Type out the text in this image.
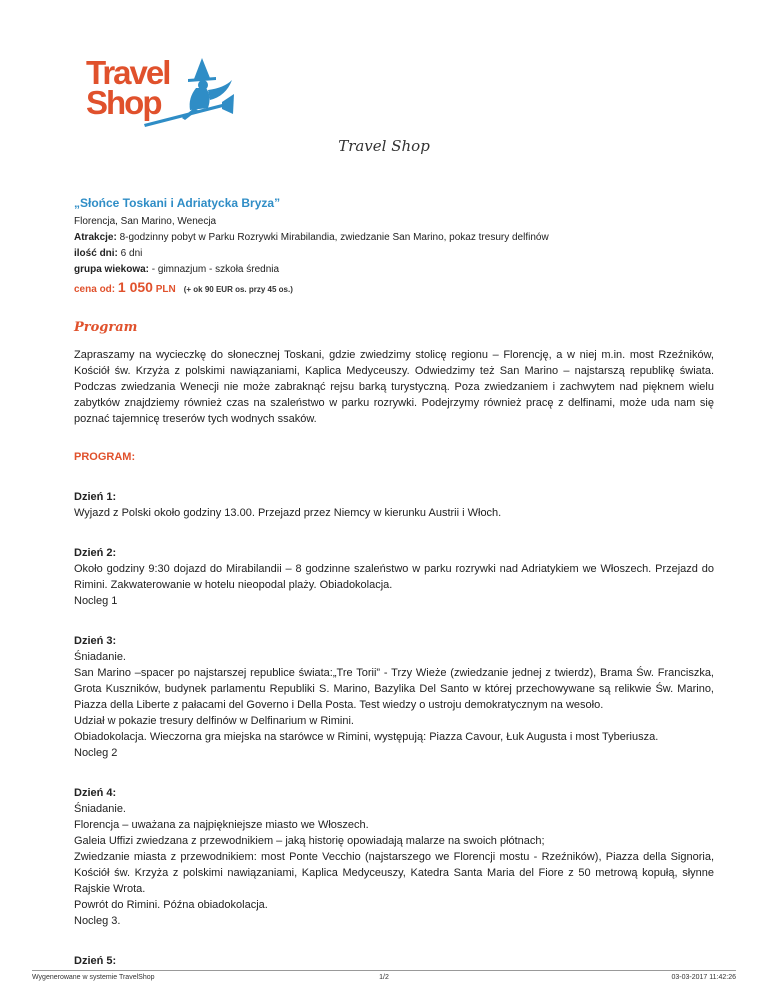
Travel
Shop
Travel Shop

„Słońce Toskani i Adriatycka Bryza”

Florencja, San Marino, Wenecja

Atrakcje: 8-godzinny pobyt w Parku Rozrywki Mirabilandia, zwiedzanie San Marino, pokaz tresury delfinów

ilość dni: 6 dni

grupa wiekowa: - gimnazjum - szkoła średnia

cena od: 1 050 PLN (+ ok 90 EUR os. przy 45 os.)

Program

Zapraszamy na wycieczkę do słonecznej Toskani, gdzie zwiedzimy stolicę regionu – Florencję, a w niej m.in. most Rzeźników, Kościół św. Krzyża z polskimi nawiązaniami, Kaplica Medyceuszy. Odwiedzimy też San Marino – najstarszą republikę świata. Podczas zwiedzania Wenecji nie może zabraknąć rejsu barką turystyczną. Poza zwiedzaniem i zachwytem nad pięknem wielu zabytków znajdziemy również czas na szaleństwo w parku rozrywki. Podejrzymy również pracę z delfinami, może uda nam się poznać tajemnicę treserów tych wodnych ssaków.

PROGRAM:

Dzień 1:

Wyjazd z Polski około godziny 13.00. Przejazd przez Niemcy w kierunku Austrii i Włoch.

Dzień 2:

Około godziny 9:30 dojazd do Mirabilandii – 8 godzinne szaleństwo w parku rozrywki nad Adriatykiem we Włoszech. Przejazd do Rimini. Zakwaterowanie w hotelu nieopodal plaży. Obiadokolacja.

Nocleg 1

Dzień 3:

Śniadanie.

San Marino –spacer po najstarszej republice świata:„Tre Torii” - Trzy Wieże (zwiedzanie jednej z twierdz), Brama Św. Franciszka, Grota Kuszników, budynek parlamentu Republiki S. Marino, Bazylika Del Santo w której przechowywane są relikwie Św. Marino, Piazza della Liberte z pałacami del Governo i Della Posta. Test wiedzy o ustroju demokratycznym na wesoło.

Udział w pokazie tresury delfinów w Delfinarium w Rimini.

Obiadokolacja. Wieczorna gra miejska na starówce w Rimini, występują: Piazza Cavour, Łuk Augusta i most Tyberiusza.

Nocleg 2

Dzień 4:

Śniadanie.

Florencja – uważana za najpiękniejsze miasto we Włoszech.

Galeia Uffizi zwiedzana z przewodnikiem – jaką historię opowiadają malarze na swoich płótnach;

Zwiedzanie miasta z przewodnikiem: most Ponte Vecchio (najstarszego we Florencji mostu - Rzeźników), Piazza della Signoria, Kościół św. Krzyża z polskimi nawiązaniami, Kaplica Medyceuszy, Katedra Santa Maria del Fiore z 50 metrową kopułą, słynne Rajskie Wrota.

Powrót do Rimini. Późna obiadokolacja.

Nocleg 3.

Dzień 5:

Wygenerowane w systemie TravelShop	1/2	03-03-2017 11:42:26
